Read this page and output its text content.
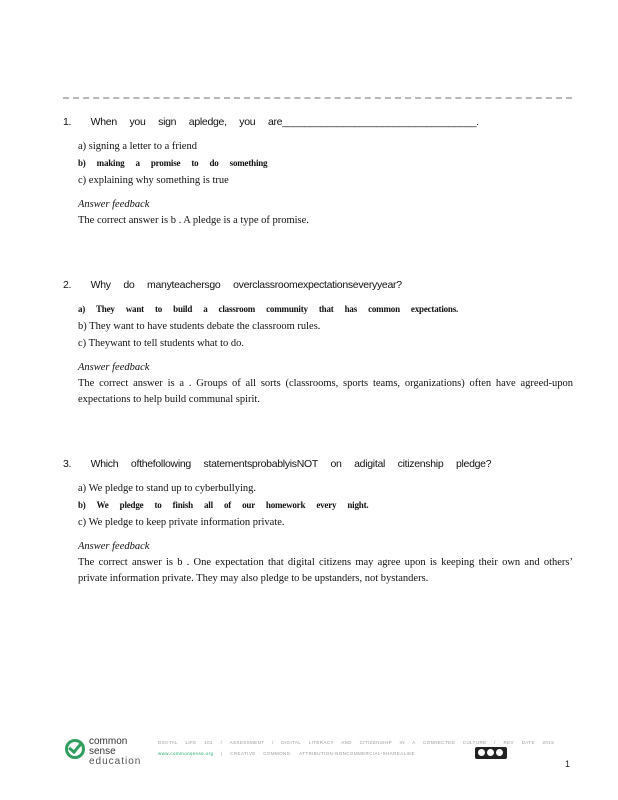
1. When you sign apledge, you are___________________________________.
a) signing a letter to a friend
b) making a promise to do something
c) explaining why something is true
Answer feedback
The correct answer is b . A pledge is a type of promise.
2. Why do manyteachersgo overclassroomexpectationseveryyear?
a) They want to build a classroom community that has common expectations.
b) They want to have students debate the classroom rules.
c) Theywant to tell students what to do.
Answer feedback
The correct answer is a . Groups of all sorts (classrooms, sports teams, organizations) often have agreed-upon expectations to help build communal spirit.
3. Which ofthefollowing statementsprobablyisNOT on adigital citizenship pledge?
a) We pledge to stand up to cyberbullying.
b) We pledge to finish all of our homework every night.
c) We pledge to keep private information private.
Answer feedback
The correct answer is b . One expectation that digital citizens may agree upon is keeping their own and others’ private information private. They may also pledge to be upstanders, not bystanders.
common
sense
education
DIGITAL LIFE 101 / ASSESSMENT / DIGITAL LITERACY AND CITIZENSHIP IN A CONNECTED CULTURE / REV DATE 2015
www.commonsense.org | CREATIVE COMMONS: ATTRIBUTION-NONCOMMERCIAL-SHAREALIKE
1
